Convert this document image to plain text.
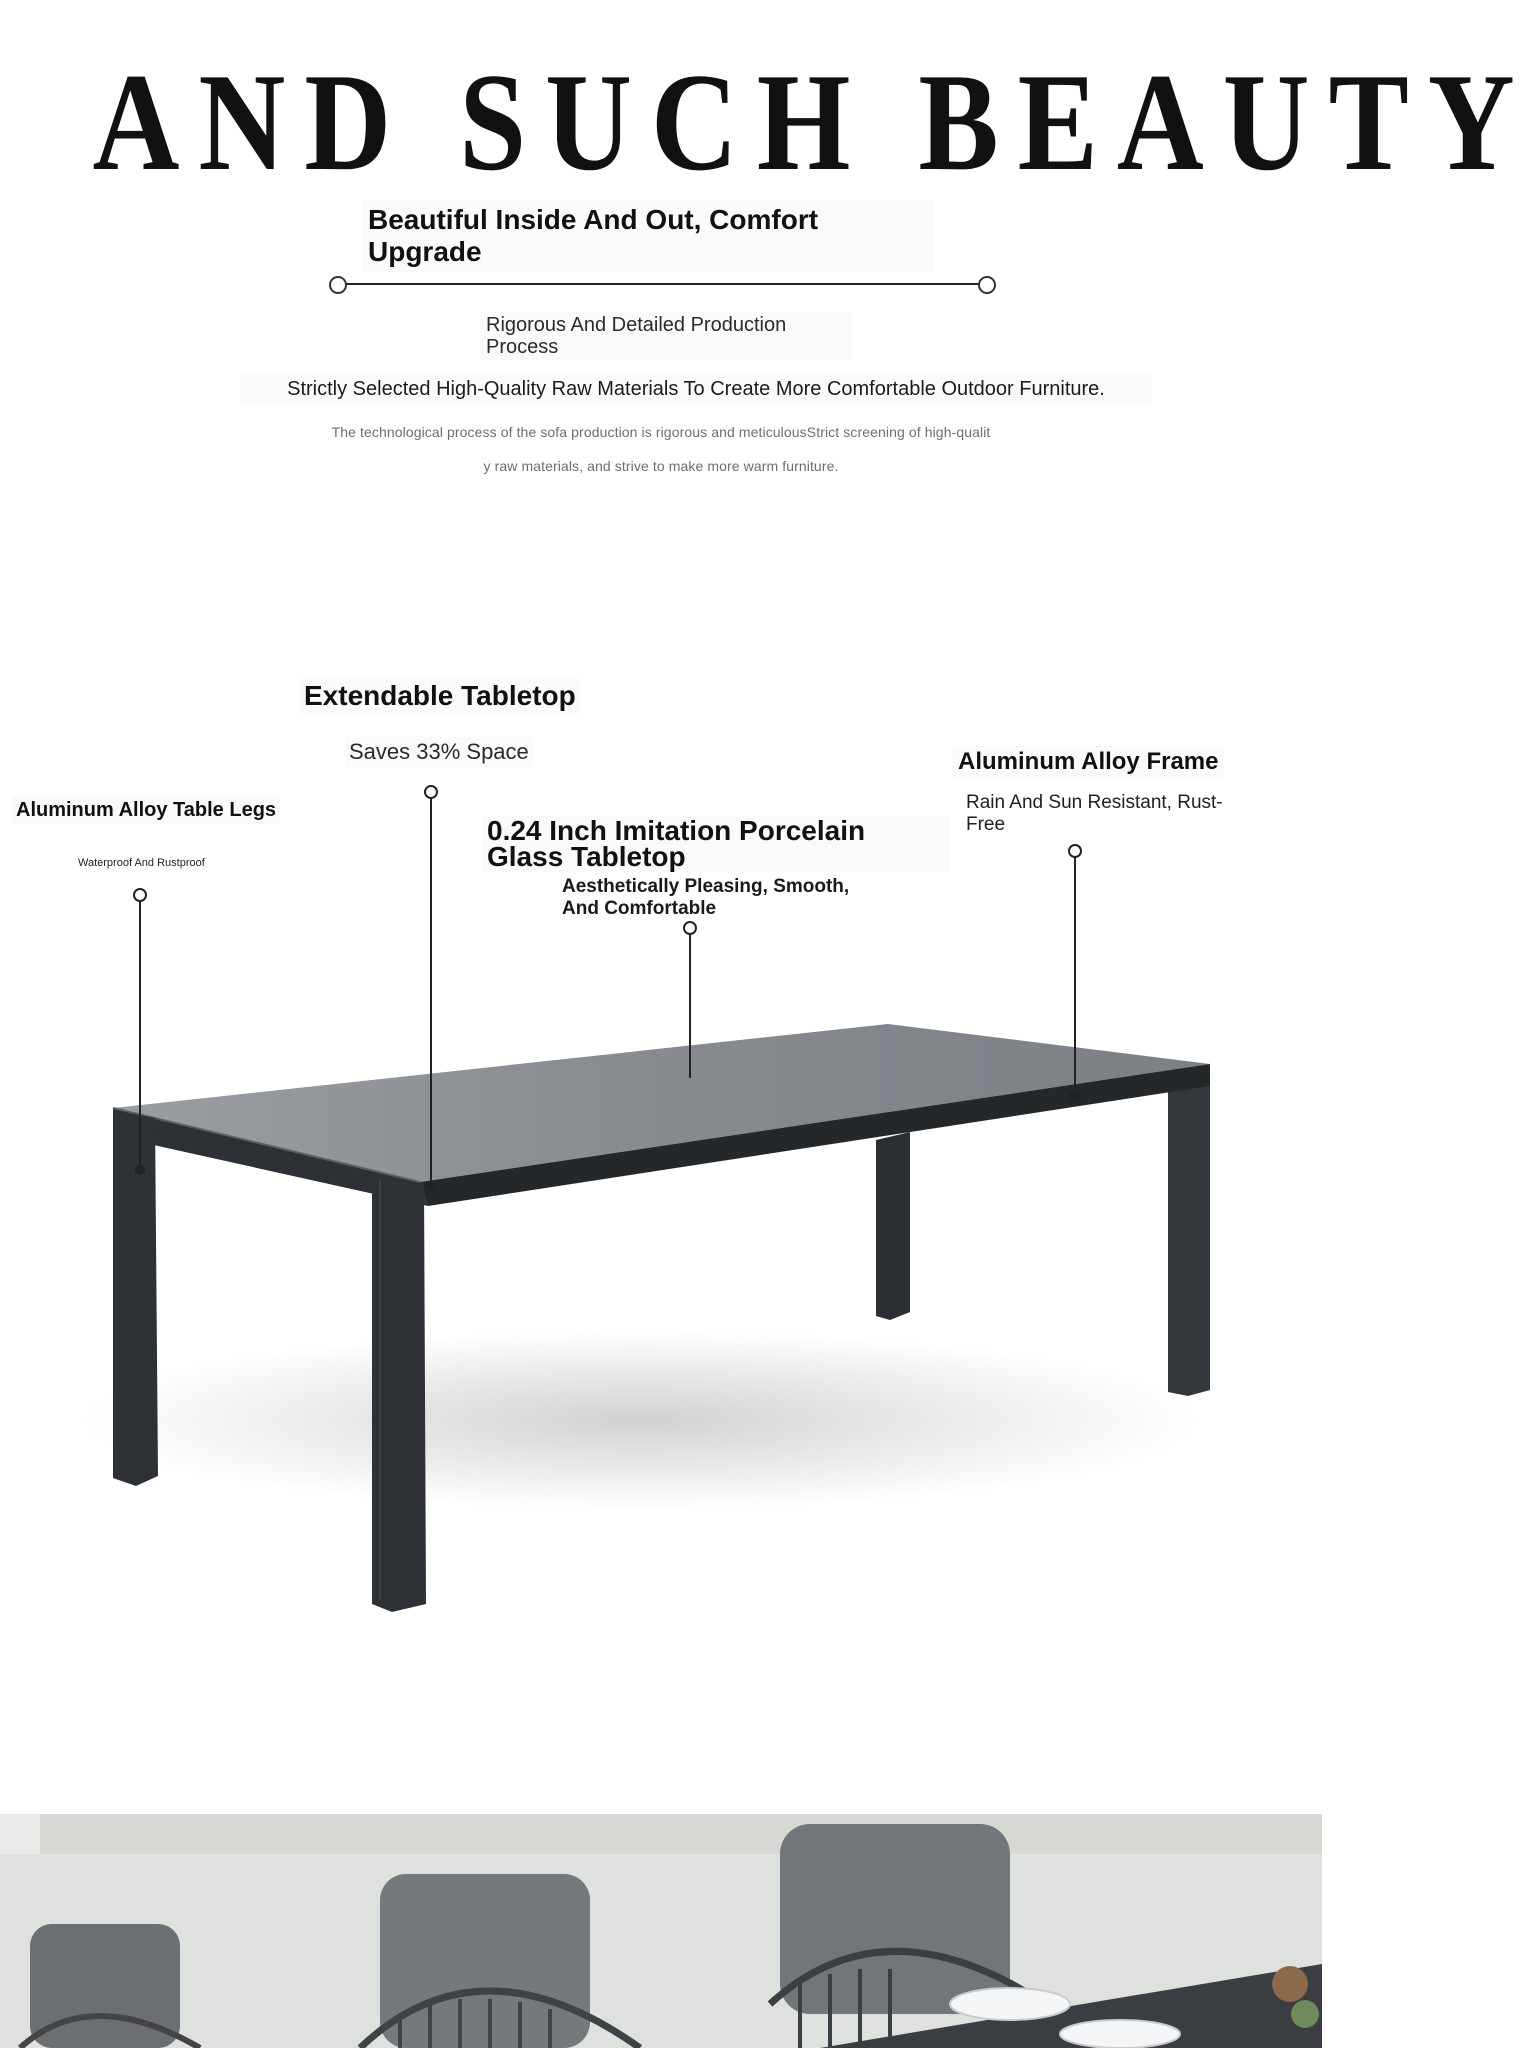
AND SUCH BEAUTY
Beautiful Inside And Out, Comfort Upgrade
Rigorous And Detailed Production Process
Strictly Selected High-Quality Raw Materials To Create More Comfortable Outdoor Furniture.
The technological process of the sofa production is rigorous and meticulousStrict screening of high-qualit
y raw materials, and strive to make more warm furniture.
Aluminum Alloy Table Legs
Waterproof And Rustproof
Extendable Tabletop
Saves 33% Space
0.24 Inch Imitation Porcelain Glass Tabletop
Aesthetically Pleasing, Smooth, And Comfortable
Aluminum Alloy Frame
Rain And Sun Resistant, Rust-Free
